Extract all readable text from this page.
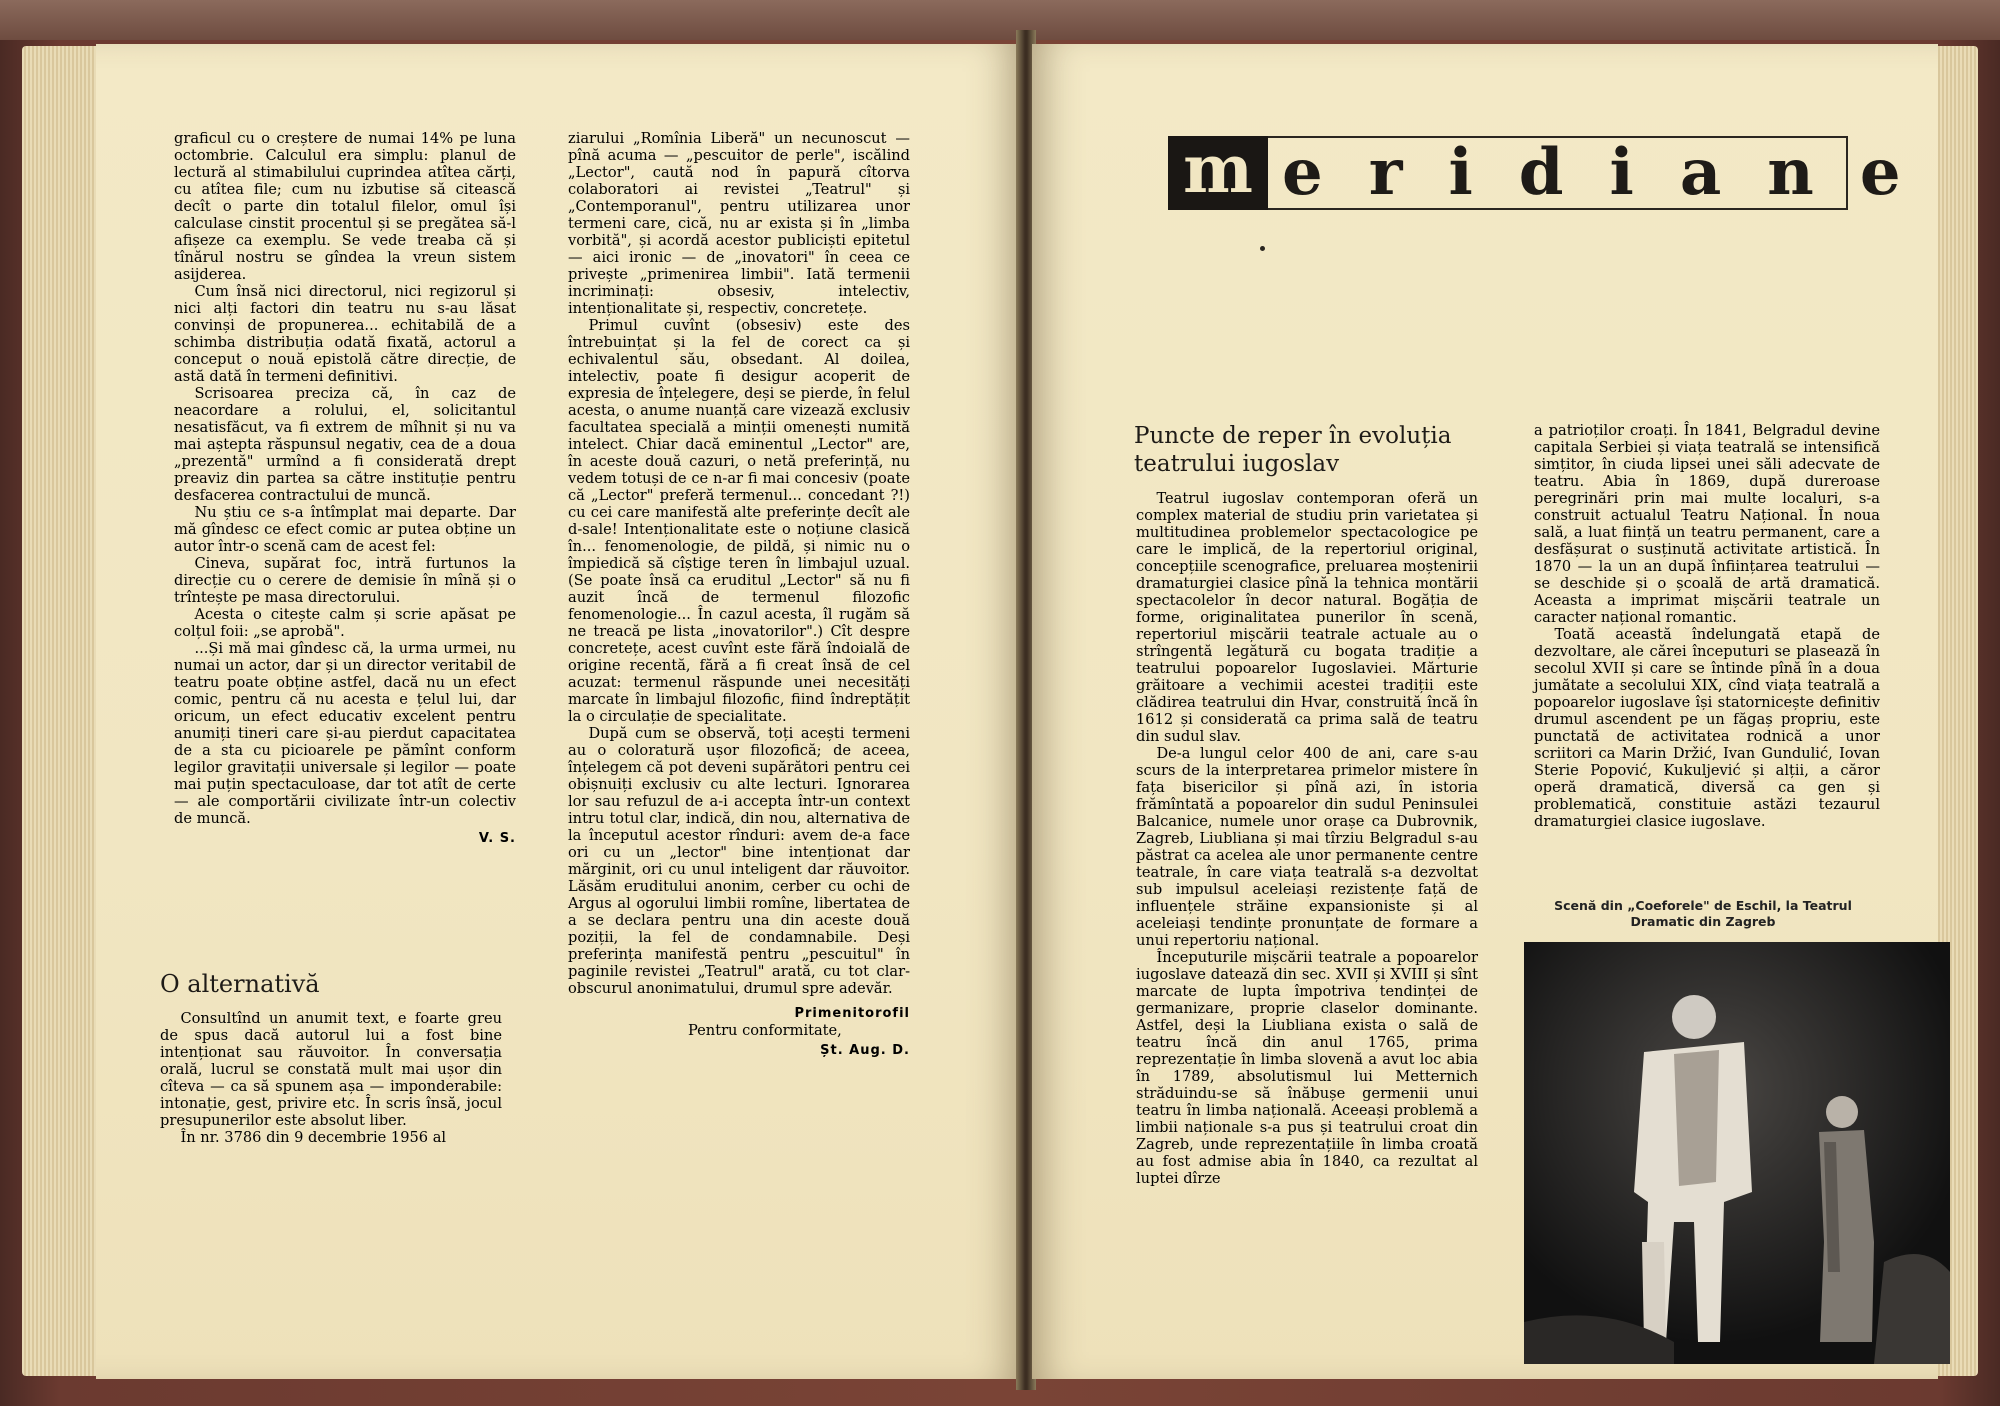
graficul cu o creștere de numai 14% pe luna octombrie. Calculul era simplu: planul de lectură al stimabilului cuprindea atîtea cărți, cu atîtea file; cum nu izbutise să citească decît o parte din totalul filelor, omul își calculase cinstit procentul și se pregătea să-l afișeze ca exemplu. Se vede treaba că și tînărul nostru se gîndea la vreun sistem asijderea.

Cum însă nici directorul, nici regizorul și nici alți factori din teatru nu s-au lăsat convinși de propunerea... echitabilă de a schimba distribuția odată fixată, actorul a conceput o nouă epistolă către direcție, de astă dată în termeni definitivi.

Scrisoarea preciza că, în caz de neacordare a rolului, el, solicitantul nesatisfăcut, va fi extrem de mîhnit și nu va mai aștepta răspunsul negativ, cea de a doua „prezentă" urmînd a fi considerată drept preaviz din partea sa către instituție pentru desfacerea contractului de muncă.

Nu știu ce s-a întîmplat mai departe. Dar mă gîndesc ce efect comic ar putea obține un autor într-o scenă cam de acest fel:

Cineva, supărat foc, intră furtunos la direcție cu o cerere de demisie în mînă și o trîntește pe masa directorului.

Acesta o citește calm și scrie apăsat pe colțul foii: „se aprobă".

...Și mă mai gîndesc că, la urma urmei, nu numai un actor, dar și un director veritabil de teatru poate obține astfel, dacă nu un efect comic, pentru că nu acesta e țelul lui, dar oricum, un efect educativ excelent pentru anumiți tineri care și-au pierdut capacitatea de a sta cu picioarele pe pămînt conform legilor gravitații universale și legilor — poate mai puțin spectaculoase, dar tot atît de certe — ale comportării civilizate într-un colectiv de muncă.

V. S.
O alternativă

Consultînd un anumit text, e foarte greu de spus dacă autorul lui a fost bine intenționat sau răuvoitor. În conversația orală, lucrul se constată mult mai ușor din cîteva — ca să spunem așa — imponderabile: intonație, gest, privire etc. În scris însă, jocul presupunerilor este absolut liber.

În nr. 3786 din 9 decembrie 1956 al

ziarului „Romînia Liberă" un necunoscut — pînă acuma — „pescuitor de perle", iscălind „Lector", caută nod în papură cîtorva colaboratori ai revistei „Teatrul" și „Contemporanul", pentru utilizarea unor termeni care, cică, nu ar exista și în „limba vorbită", și acordă acestor publiciști epitetul — aici ironic — de „inovatori" în ceea ce privește „primenirea limbii". Iată termenii incriminați: obsesiv, intelectiv, intenționalitate și, respectiv, concretețe.

Primul cuvînt (obsesiv) este des întrebuințat și la fel de corect ca și echivalentul său, obsedant. Al doilea, intelectiv, poate fi desigur acoperit de expresia de înțelegere, deși se pierde, în felul acesta, o anume nuanță care vizează exclusiv facultatea specială a minții omenești numită intelect. Chiar dacă eminentul „Lector" are, în aceste două cazuri, o netă preferință, nu vedem totuși de ce n-ar fi mai concesiv (poate că „Lector" preferă termenul... concedant ?!) cu cei care manifestă alte preferințe decît ale d-sale! Intenționalitate este o noțiune clasică în... fenomenologie, de pildă, și nimic nu o împiedică să cîștige teren în limbajul uzual. (Se poate însă ca eruditul „Lector" să nu fi auzit încă de termenul filozofic fenomenologie... În cazul acesta, îl rugăm să ne treacă pe lista „inovatorilor".) Cît despre concretețe, acest cuvînt este fără îndoială de origine recentă, fără a fi creat însă de cel acuzat: termenul răspunde unei necesități marcate în limbajul filozofic, fiind îndreptățit la o circulație de specialitate.

După cum se observă, toți acești termeni au o coloratură ușor filozofică; de aceea, înțelegem că pot deveni supărători pentru cei obișnuiți exclusiv cu alte lecturi. Ignorarea lor sau refuzul de a-i accepta într-un context intru totul clar, indică, din nou, alternativa de la începutul acestor rînduri: avem de-a face ori cu un „lector" bine intenționat dar mărginit, ori cu unul inteligent dar răuvoitor. Lăsăm eruditului anonim, cerber cu ochi de Argus al ogorului limbii romîne, libertatea de a se declara pentru una din aceste două poziții, la fel de condamnabile. Deși preferința manifestă pentru „pescuitul" în paginile revistei „Teatrul" arată, cu tot clar-obscurul anonimatului, drumul spre adevăr.

Primenitorofil
Pentru conformitate,
Șt. Aug. D.
m eridiane
Puncte de reper în evoluția
teatrului iugoslav

Teatrul iugoslav contemporan oferă un complex material de studiu prin varietatea și multitudinea problemelor spectacologice pe care le implică, de la repertoriul original, concepțiile scenografice, preluarea moștenirii dramaturgiei clasice pînă la tehnica montării spectacolelor în decor natural. Bogăția de forme, originalitatea punerilor în scenă, repertoriul mișcării teatrale actuale au o strîngentă legătură cu bogata tradiție a teatrului popoarelor Iugoslaviei. Mărturie grăitoare a vechimii acestei tradiții este clădirea teatrului din Hvar, construită încă în 1612 și considerată ca prima sală de teatru din sudul slav.

De-a lungul celor 400 de ani, care s-au scurs de la interpretarea primelor mistere în fața bisericilor și pînă azi, în istoria frămîntată a popoarelor din sudul Peninsulei Balcanice, numele unor orașe ca Dubrovnik, Zagreb, Liubliana și mai tîrziu Belgradul s-au păstrat ca acelea ale unor permanente centre teatrale, în care viața teatrală s-a dezvoltat sub impulsul aceleiași rezistențe față de influențele străine expansioniste și al aceleiași tendințe pronunțate de formare a unui repertoriu național.

Începuturile mișcării teatrale a popoarelor iugoslave datează din sec. XVII și XVIII și sînt marcate de lupta împotriva tendinței de germanizare, proprie claselor dominante. Astfel, deși la Liubliana exista o sală de teatru încă din anul 1765, prima reprezentație în limba slovenă a avut loc abia în 1789, absolutismul lui Metternich străduindu-se să înăbușe germenii unui teatru în limba națională. Aceeași problemă a limbii naționale s-a pus și teatrului croat din Zagreb, unde reprezentațiile în limba croată au fost admise abia în 1840, ca rezultat al luptei dîrze

a patrioților croați. În 1841, Belgradul devine capitala Serbiei și viața teatrală se intensifică simțitor, în ciuda lipsei unei săli adecvate de teatru. Abia în 1869, după dureroase peregrinări prin mai multe localuri, s-a construit actualul Teatru Național. În noua sală, a luat ființă un teatru permanent, care a desfășurat o susținută activitate artistică. În 1870 — la un an după înființarea teatrului — se deschide și o școală de artă dramatică. Aceasta a imprimat mișcării teatrale un caracter național romantic.

Toată această îndelungată etapă de dezvoltare, ale cărei începuturi se plasează în secolul XVII și care se întinde pînă în a doua jumătate a secolului XIX, cînd viața teatrală a popoarelor iugoslave își statornicește definitiv drumul ascendent pe un făgaș propriu, este punctată de activitatea rodnică a unor scriitori ca Marin Držić, Ivan Gundulić, Iovan Sterie Popović, Kukuljević și alții, a căror operă dramatică, diversă ca gen și problematică, constituie astăzi tezaurul dramaturgiei clasice iugoslave.

Scenă din „Coeforele" de Eschil, la Teatrul Dramatic din Zagreb
